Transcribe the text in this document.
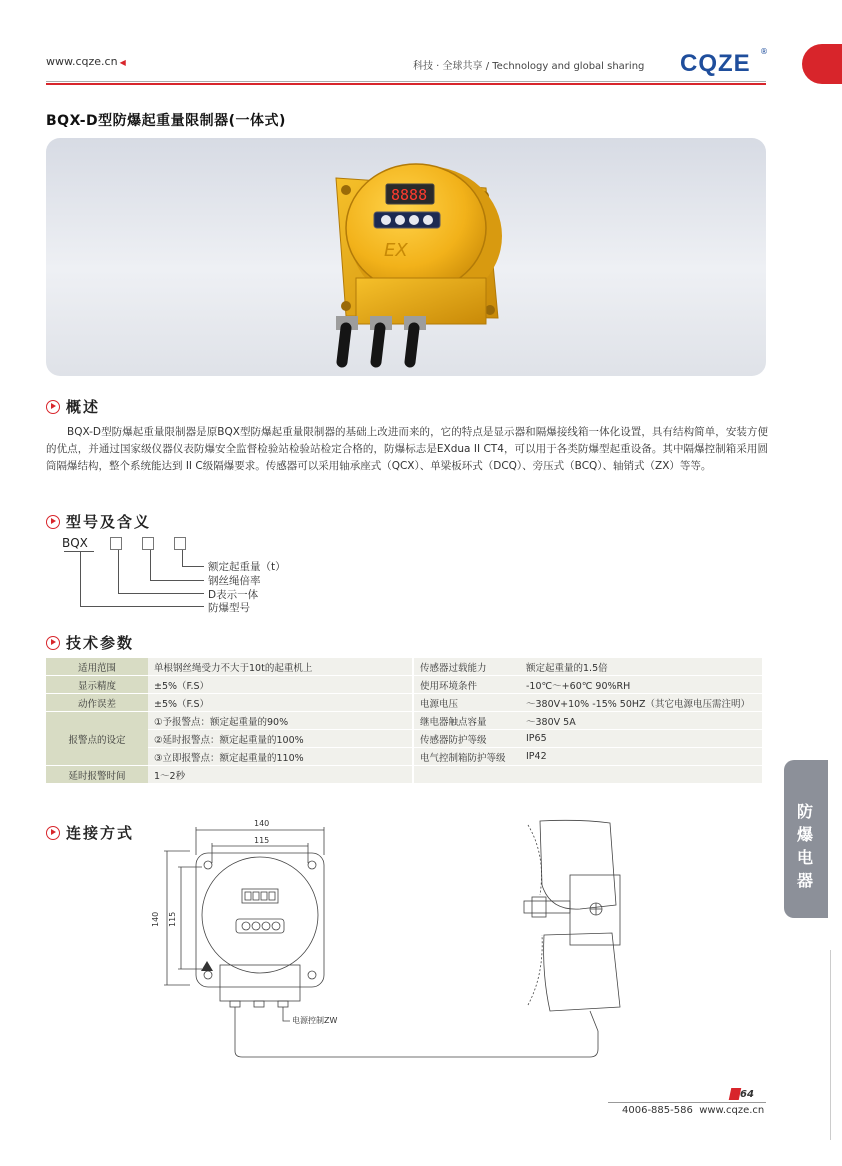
www.cqze.cn ◀	科技 · 全球共享 / Technology and global sharing CQZE ®
BQX-D型防爆起重量限制器(一体式)
8888
EX
概述
BQX-D型防爆起重量限制器是原BQX型防爆起重量限制器的基础上改进而来的，它的特点是显示器和隔爆接线箱一体化设置，具有结构简单，安装方便的优点，并通过国家级仪器仪表防爆安全监督检验站检验站检定合格的，防爆标志是EXdua II CT4，可以用于各类防爆型起重设备。其中隔爆控制箱采用圆筒隔爆结构，整个系统能达到 II C级隔爆要求。传感器可以采用轴承座式（QCX）、单梁板环式（DCQ）、旁压式（BCQ）、轴销式（ZX）等等。
型号及含义
BQX
额定起重量（t）
钢丝绳倍率
D表示一体
防爆型号
技术参数
适用范围	单根钢丝绳受力不大于10t的起重机上	传感器过载能力	额定起重量的1.5倍
显示精度	±5%（F.S）	使用环境条件	-10℃～+60℃ 90%RH
动作误差	±5%（F.S）	电源电压	～380V+10% -15% 50HZ（其它电源电压需注明）
报警点的设定	①予报警点：额定起重量的90%	继电器触点容量	～380V 5A
	②延时报警点：额定起重量的100%	传感器防护等级	IP65
	③立即报警点：额定起重量的110%	电气控制箱防护等级	IP42
延时报警时间	1～2秒		
连接方式
140
115
140 115
电源控制ZW
防
爆
电
器
64
4006-885-586 www.cqze.cn
